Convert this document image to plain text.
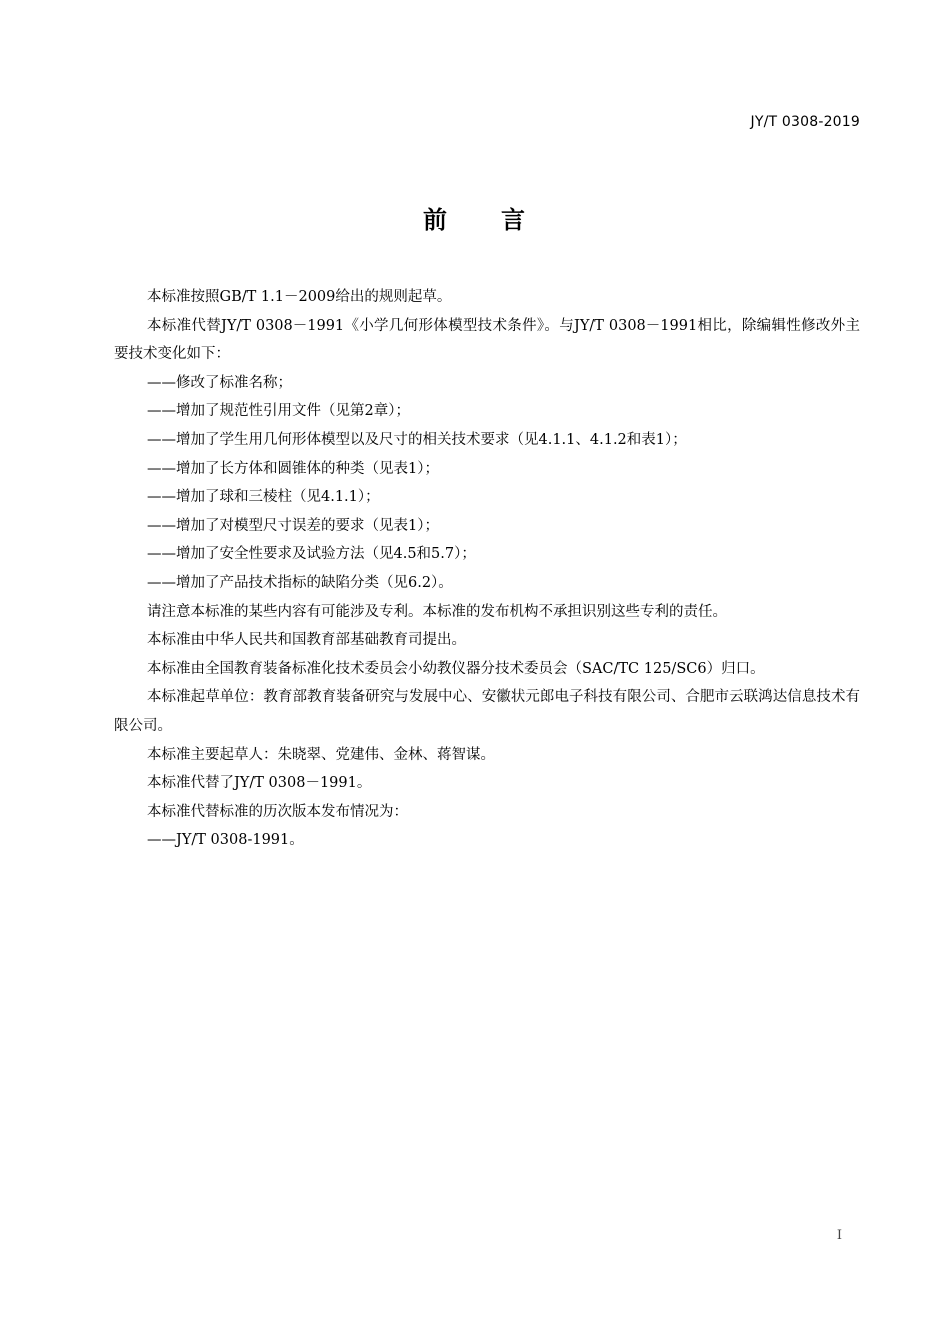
JY/T 0308-2019
前　　言

本标准按照GB/T 1.1－2009给出的规则起草。

本标准代替JY/T 0308－1991《小学几何形体模型技术条件》。与JY/T 0308－1991相比，除编辑性修改外主要技术变化如下：

——修改了标准名称；

——增加了规范性引用文件（见第2章）；

——增加了学生用几何形体模型以及尺寸的相关技术要求（见4.1.1、4.1.2和表1）；

——增加了长方体和圆锥体的种类（见表1）；

——增加了球和三棱柱（见4.1.1）；

——增加了对模型尺寸误差的要求（见表1）；

——增加了安全性要求及试验方法（见4.5和5.7）；

——增加了产品技术指标的缺陷分类（见6.2）。

请注意本标准的某些内容有可能涉及专利。本标准的发布机构不承担识别这些专利的责任。

本标准由中华人民共和国教育部基础教育司提出。

本标准由全国教育装备标准化技术委员会小幼教仪器分技术委员会（SAC/TC 125/SC6）归口。

本标准起草单位：教育部教育装备研究与发展中心、安徽状元郎电子科技有限公司、合肥市云联鸿达信息技术有限公司。

本标准主要起草人：朱晓翠、党建伟、金林、蒋智谋。

本标准代替了JY/T 0308－1991。

本标准代替标准的历次版本发布情况为：

——JY/T 0308-1991。

I
